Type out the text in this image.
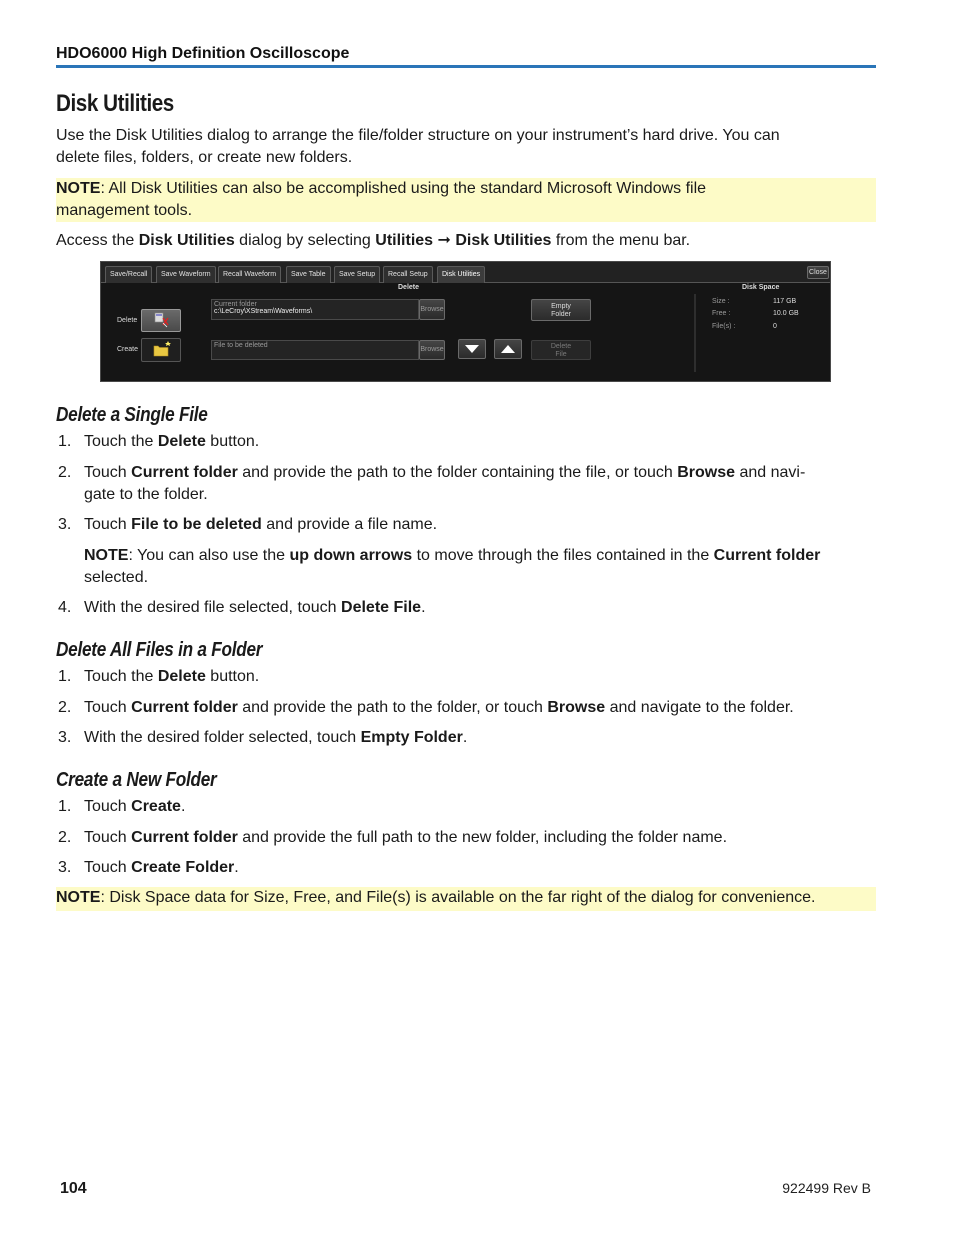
HDO6000 High Definition Oscilloscope
Disk Utilities

Use the Disk Utilities dialog to arrange the file/folder structure on your instrument’s hard drive. You can
delete files, folders, or create new folders.

NOTE: All Disk Utilities can also be accomplished using the standard Microsoft Windows file
management tools.

Access the Disk Utilities dialog by selecting Utilities ➞ Disk Utilities from the menu bar.

Save/Recall	Save Waveform	Recall Waveform	Save Table	Save Setup	Recall Setup	Disk Utilities	Close
Delete	Disk Space
Delete
Create
Current folder
c:\LeCroy\XStream\Waveforms\	Browse
File to be deleted
Browse
Empty
Folder
Delete
File
Size :	117 GB
Free :	10.0 GB
File(s) :	0
Delete a Single File
1. Touch the Delete button.
2. Touch Current folder and provide the path to the folder containing the file, or touch Browse and navi-
gate to the folder.
3. Touch File to be deleted and provide a file name.
NOTE: You can also use the up down arrows to move through the files contained in the Current folder
selected.
4. With the desired file selected, touch Delete File.
Delete All Files in a Folder
1. Touch the Delete button.
2. Touch Current folder and provide the path to the folder, or touch Browse and navigate to the folder.
3. With the desired folder selected, touch Empty Folder.
Create a New Folder
1. Touch Create.
2. Touch Current folder and provide the full path to the new folder, including the folder name.
3. Touch Create Folder.

NOTE: Disk Space data for Size, Free, and File(s) is available on the far right of the dialog for convenience.

104	922499 Rev B
